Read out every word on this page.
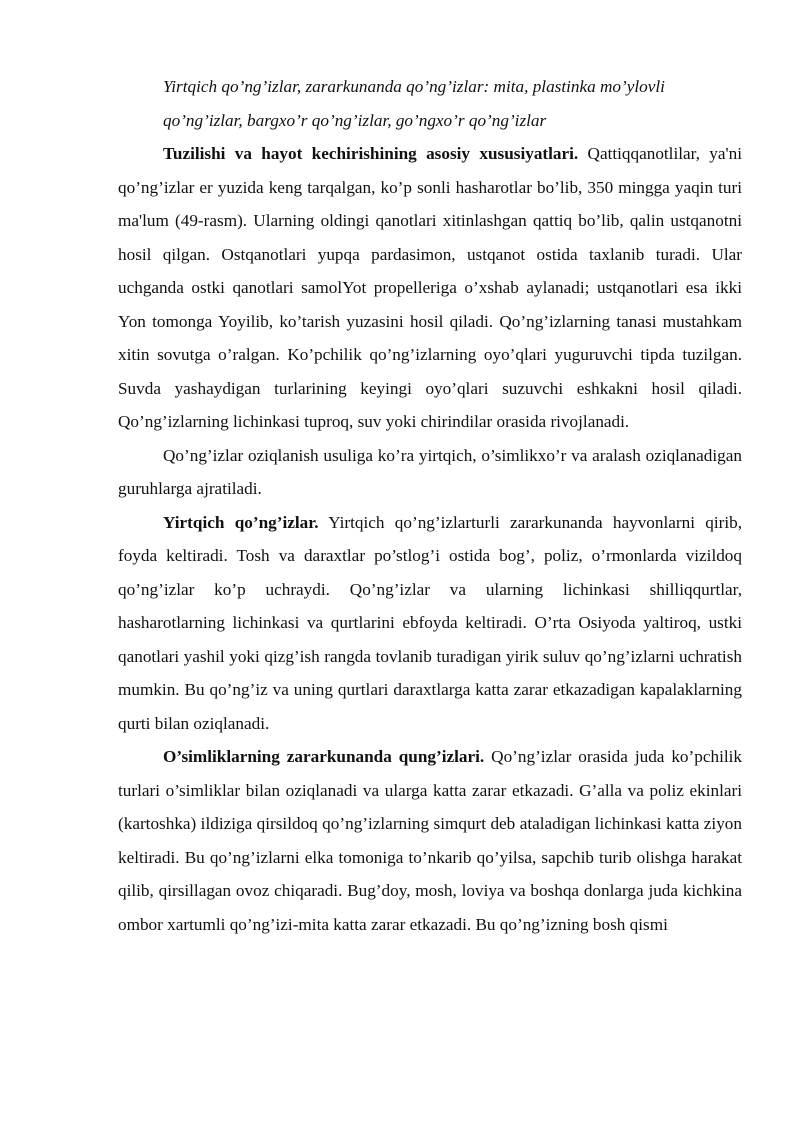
Yirtqich qo’ng’izlar, zararkunanda qo’ng’izlar: mita, plastinka mo’ylovli qo’ng’izlar, bargxo’r qo’ng’izlar, go’ngxo’r qo’ng’izlar

Tuzilishi va hayot kechirishining asosiy xususiyatlari. Qattiqqanotlilar, ya'ni qo’ng’izlar er yuzida keng tarqalgan, ko’p sonli hasharotlar bo’lib, 350 mingga yaqin turi ma'lum (49-rasm). Ularning oldingi qanotlari xitinlashgan qattiq bo’lib, qalin ustqanotni hosil qilgan. Ostqanotlari yupqa pardasimon, ustqanot ostida taxlanib turadi. Ular uchganda ostki qanotlari samolYot propelleriga o’xshab aylanadi; ustqanotlari esa ikki Yon tomonga Yoyilib, ko’tarish yuzasini hosil qiladi. Qo’ng’izlarning tanasi mustahkam xitin sovutga o’ralgan. Ko’pchilik qo’ng’izlarning oyo’qlari yuguruvchi tipda tuzilgan. Suvda yashaydigan turlarining keyingi oyo’qlari suzuvchi eshkakni hosil qiladi. Qo’ng’izlarning lichinkasi tuproq, suv yoki chirindilar orasida rivojlanadi.

Qo’ng’izlar oziqlanish usuliga ko’ra yirtqich, o’simlikxo’r va aralash oziqlanadigan guruhlarga ajratiladi.

Yirtqich qo’ng’izlar. Yirtqich qo’ng’izlarturli zararkunanda hayvonlarni qirib, foyda keltiradi. Tosh va daraxtlar po’stlog’i ostida bog’, poliz, o’rmonlarda vizildoq qo’ng’izlar ko’p uchraydi. Qo’ng’izlar va ularning lichinkasi shilliqqurtlar, hasharotlarning lichinkasi va qurtlarini ebfoyda keltiradi. O’rta Osiyoda yaltiroq, ustki qanotlari yashil yoki qizg’ish rangda tovlanib turadigan yirik suluv qo’ng’izlarni uchratish mumkin. Bu qo’ng’iz va uning qurtlari daraxtlarga katta zarar etkazadigan kapalaklarning qurti bilan oziqlanadi.

O’simliklarning zararkunanda qung’izlari. Qo’ng’izlar orasida juda ko’pchilik turlari o’simliklar bilan oziqlanadi va ularga katta zarar etkazadi. G’alla va poliz ekinlari (kartoshka) ildiziga qirsildoq qo’ng’izlarning simqurt deb ataladigan lichinkasi katta ziyon keltiradi. Bu qo’ng’izlarni elka tomoniga to’nkarib qo’yilsa, sapchib turib olishga harakat qilib, qirsillagan ovoz chiqaradi. Bug’doy, mosh, loviya va boshqa donlarga juda kichkina ombor xartumli qo’ng’izi-mita katta zarar etkazadi. Bu qo’ng’izning bosh qismi
